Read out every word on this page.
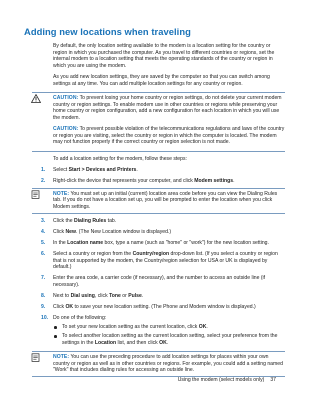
Adding new locations when traveling

By default, the only location setting available to the modem is a location setting for the country or region in which you purchased the computer. As you travel to different countries or regions, set the internal modem to a location setting that meets the operating standards of the country or region in which you are using the modem.

As you add new location settings, they are saved by the computer so that you can switch among settings at any time. You can add multiple location settings for any country or region.

CAUTION: To prevent losing your home country or region settings, do not delete your current modem country or region settings. To enable modem use in other countries or regions while preserving your home country or region configuration, add a new configuration for each location in which you will use the modem.
CAUTION: To prevent possible violation of the telecommunications regulations and laws of the country or region you are visiting, select the country or region in which the computer is located. The modem may not function properly if the correct country or region selection is not made.

To add a location setting for the modem, follow these steps:

1. Select Start > Devices and Printers.
2. Right-click the device that represents your computer, and click Modem settings.
NOTE: You must set up an initial (current) location area code before you can view the Dialing Rules tab. If you do not have a location set up, you will be prompted to enter the location when you click Modem settings.
3. Click the Dialing Rules tab.
4. Click New. (The New Location window is displayed.)
5. In the Location name box, type a name (such as "home" or "work") for the new location setting.
6. Select a country or region from the Country/region drop-down list. (If you select a country or region that is not supported by the modem, the Country/region selection for USA or UK is displayed by default.)
7. Enter the area code, a carrier code (if necessary), and the number to access an outside line (if necessary).
8. Next to Dial using, click Tone or Pulse.
9. Click OK to save your new location setting. (The Phone and Modem window is displayed.)
10. Do one of the following:
To set your new location setting as the current location, click OK.
To select another location setting as the current location setting, select your preference from the settings in the Location list, and then click OK.
NOTE: You can use the preceding procedure to add location settings for places within your own country or region as well as in other countries or regions. For example, you could add a setting named "Work" that includes dialing rules for accessing an outside line.
Using the modem (select models only) 37
